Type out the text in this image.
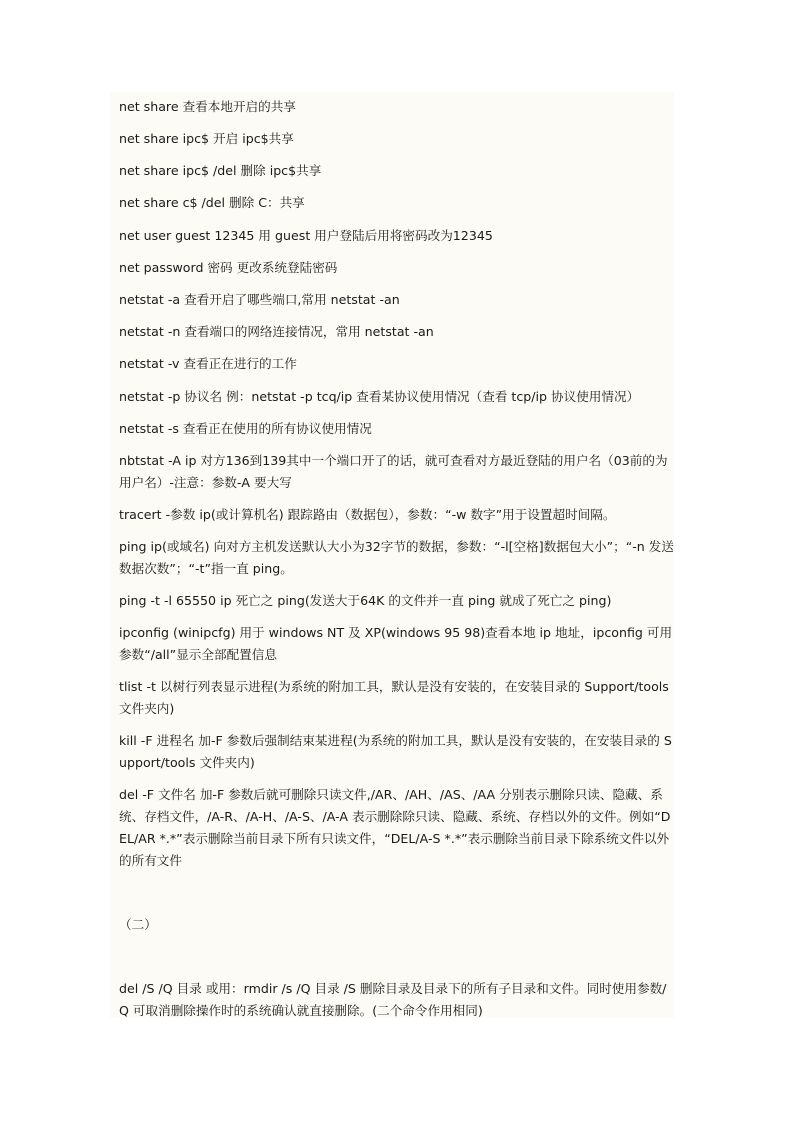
net share 查看本地开启的共享

net share ipc$ 开启 ipc$共享

net share ipc$ /del 删除 ipc$共享

net share c$ /del 删除 C：共享

net user guest 12345 用 guest 用户登陆后用将密码改为12345

net password 密码 更改系统登陆密码

netstat -a 查看开启了哪些端口,常用 netstat -an

netstat -n 查看端口的网络连接情况，常用 netstat -an

netstat -v 查看正在进行的工作

netstat -p 协议名 例：netstat -p tcq/ip 查看某协议使用情况（查看 tcp/ip 协议使用情况）

netstat -s 查看正在使用的所有协议使用情况

nbtstat -A ip 对方136到139其中一个端口开了的话，就可查看对方最近登陆的用户名（03前的为用户名）-注意：参数-A 要大写

tracert -参数 ip(或计算机名) 跟踪路由（数据包），参数：“-w 数字”用于设置超时间隔。

ping ip(或域名) 向对方主机发送默认大小为32字节的数据，参数：“-l[空格]数据包大小”；“-n 发送数据次数”；“-t”指一直 ping。

ping -t -l 65550 ip 死亡之 ping(发送大于64K 的文件并一直 ping 就成了死亡之 ping)

ipconfig (winipcfg) 用于 windows NT 及 XP(windows 95 98)查看本地 ip 地址，ipconfig 可用参数“/all”显示全部配置信息

tlist -t 以树行列表显示进程(为系统的附加工具，默认是没有安装的，在安装目录的 Support/tools 文件夹内)

kill -F 进程名 加-F 参数后强制结束某进程(为系统的附加工具，默认是没有安装的，在安装目录的 Support/tools 文件夹内)

del -F 文件名 加-F 参数后就可删除只读文件,/AR、/AH、/AS、/AA 分别表示删除只读、隐藏、系统、存档文件，/A-R、/A-H、/A-S、/A-A 表示删除除只读、隐藏、系统、存档以外的文件。例如“DEL/AR *.*”表示删除当前目录下所有只读文件，“DEL/A-S *.*”表示删除当前目录下除系统文件以外的所有文件

（二）

del /S /Q 目录 或用：rmdir /s /Q 目录 /S 删除目录及目录下的所有子目录和文件。同时使用参数/Q 可取消删除操作时的系统确认就直接删除。(二个命令作用相同)
